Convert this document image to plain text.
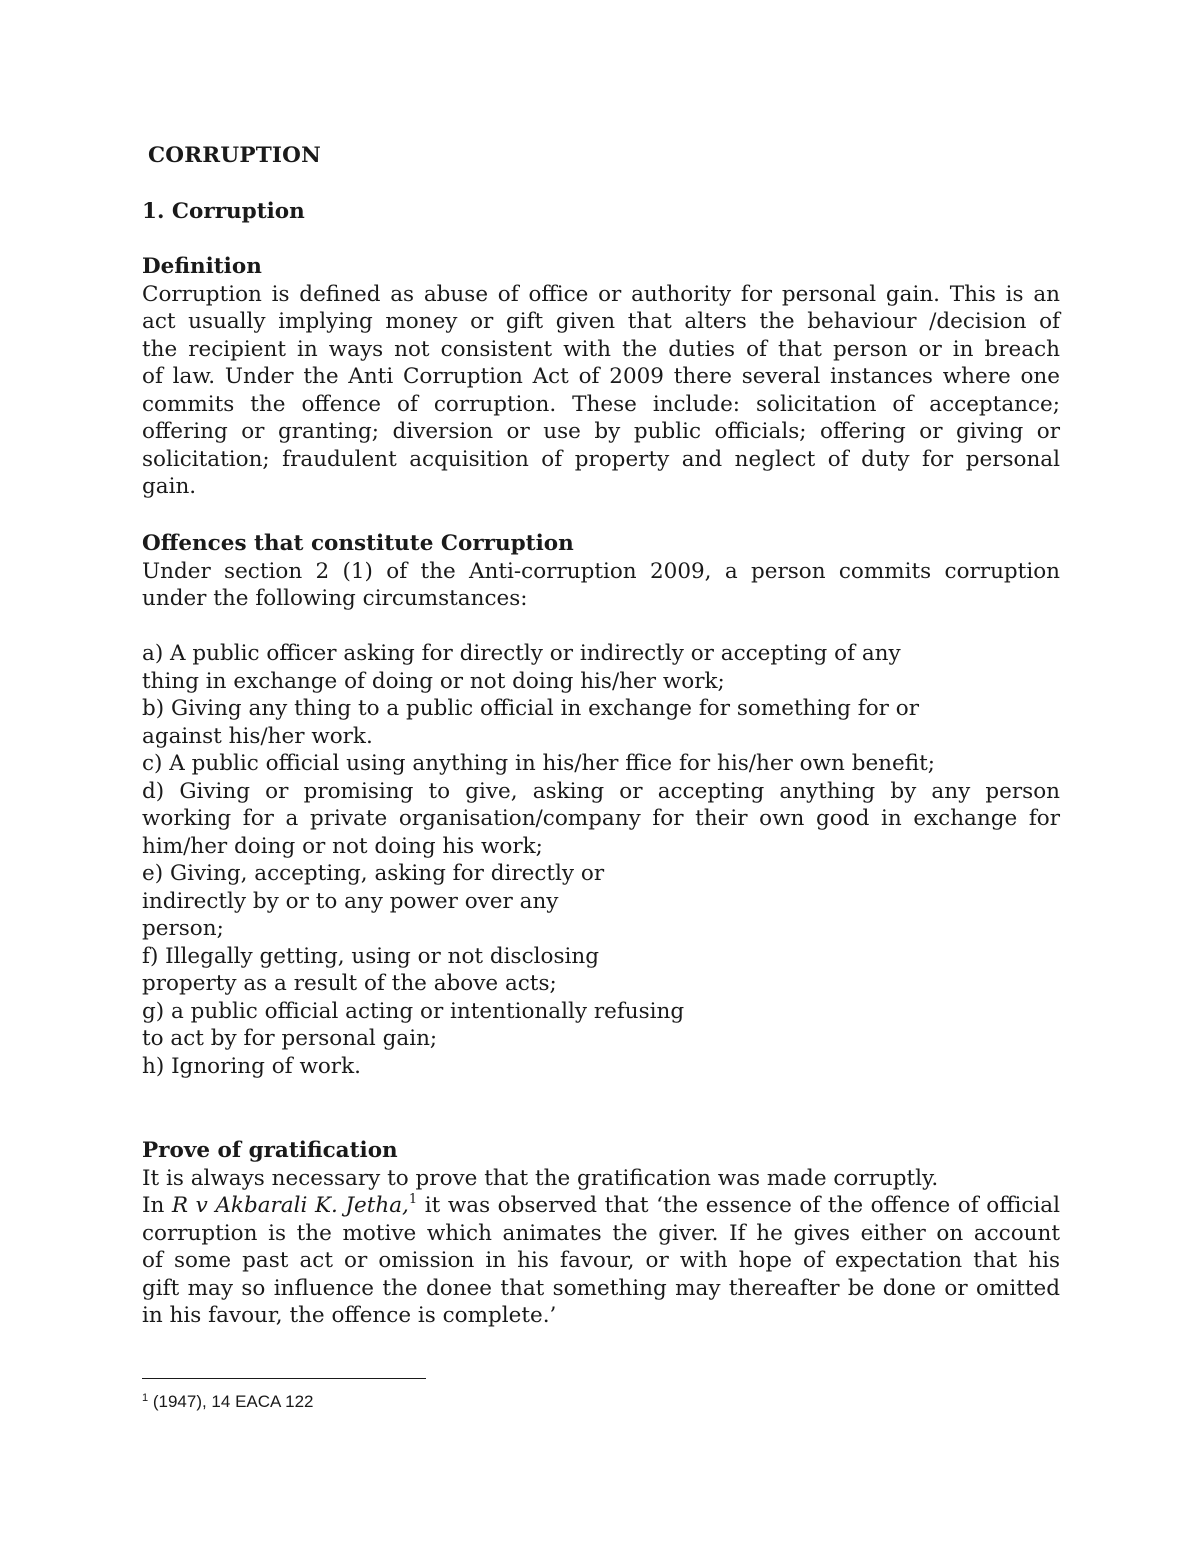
CORRUPTION
1. Corruption
Definition
Corruption is defined as abuse of office or authority for personal gain. This is an
act usually implying money or gift given that alters the behaviour /decision of
the recipient in ways not consistent with the duties of that person or in breach
of law. Under the Anti Corruption Act of 2009 there several instances where one
commits the offence of corruption. These include: solicitation of acceptance;
offering or granting; diversion or use by public officials; offering or giving or
solicitation; fraudulent acquisition of property and neglect of duty for personal
gain.
Offences that constitute Corruption
Under section 2 (1) of the Anti-corruption 2009, a person commits corruption
under the following circumstances:
a) A public officer asking for directly or indirectly or accepting of any
thing in exchange of doing or not doing his/her work;
b) Giving any thing to a public official in exchange for something for or
against his/her work.
c) A public official using anything in his/her ffice for his/her own benefit;
d) Giving or promising to give, asking or accepting anything by any person
working for a private organisation/company for their own good in exchange for
him/her doing or not doing his work;
e) Giving, accepting, asking for directly or
indirectly by or to any power over any
person;
f) Illegally getting, using or not disclosing
property as a result of the above acts;
g) a public official acting or intentionally refusing
to act by for personal gain;
h) Ignoring of work.
Prove of gratification
It is always necessary to prove that the gratification was made corruptly.
In R v Akbarali K. Jetha,$^1$ it was observed that ‘the essence of the offence of official
corruption is the motive which animates the giver. If he gives either on account
of some past act or omission in his favour, or with hope of expectation that his
gift may so influence the donee that something may thereafter be done or omitted
in his favour, the offence is complete.’
$^1$ (1947), 14 EACA 122
